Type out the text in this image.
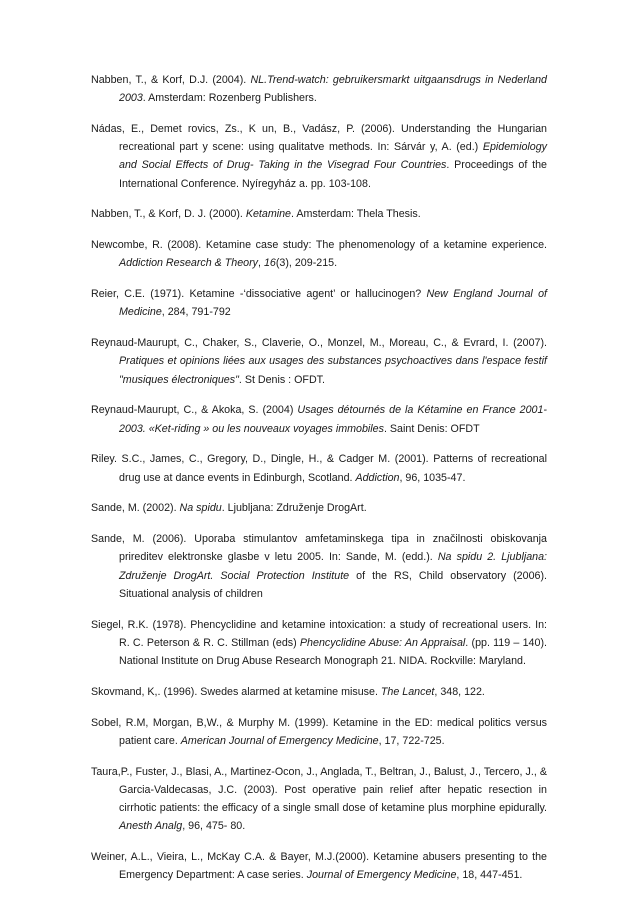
Nabben, T., & Korf, D.J. (2004). NL.Trend-watch: gebruikersmarkt uitgaansdrugs in Nederland 2003. Amsterdam: Rozenberg Publishers.

Nádas, E., Demet rovics, Zs., K un, B., Vadász, P. (2006). Understanding the Hungarian recreational part y scene: using qualitatve methods. In: Sárvár y, A. (ed.) Epidemiology and Social Effects of Drug- Taking in the Visegrad Four Countries. Proceedings of the International Conference. Nyíregyház a. pp. 103-108.

Nabben, T., & Korf, D. J. (2000). Ketamine. Amsterdam: Thela Thesis.

Newcombe, R. (2008). Ketamine case study: The phenomenology of a ketamine experience. Addiction Research & Theory, 16(3), 209-215.

Reier, C.E. (1971). Ketamine -‘dissociative agent’ or hallucinogen? New England Journal of Medicine, 284, 791-792

Reynaud-Maurupt, C., Chaker, S., Claverie, O., Monzel, M., Moreau, C., & Evrard, I. (2007). Pratiques et opinions liées aux usages des substances psychoactives dans l'espace festif "musiques électroniques". St Denis : OFDT.

Reynaud-Maurupt, C., & Akoka, S. (2004) Usages détournés de la Kétamine en France 2001-2003. «Ket-riding » ou les nouveaux voyages immobiles. Saint Denis: OFDT

Riley. S.C., James, C., Gregory, D., Dingle, H., & Cadger M. (2001). Patterns of recreational drug use at dance events in Edinburgh, Scotland. Addiction, 96, 1035-47.

Sande, M. (2002). Na spidu. Ljubljana: Združenje DrogArt.

Sande, M. (2006). Uporaba stimulantov amfetaminskega tipa in značilnosti obiskovanja prireditev elektronske glasbe v letu 2005. In: Sande, M. (edd.). Na spidu 2. Ljubljana: Združenje DrogArt. Social Protection Institute of the RS, Child observatory (2006). Situational analysis of children

Siegel, R.K. (1978). Phencyclidine and ketamine intoxication: a study of recreational users. In: R. C. Peterson & R. C. Stillman (eds) Phencyclidine Abuse: An Appraisal. (pp. 119 – 140). National Institute on Drug Abuse Research Monograph 21. NIDA. Rockville: Maryland.

Skovmand, K,. (1996). Swedes alarmed at ketamine misuse. The Lancet, 348, 122.

Sobel, R.M, Morgan, B,W., & Murphy M. (1999). Ketamine in the ED: medical politics versus patient care. American Journal of Emergency Medicine, 17, 722-725.

Taura,P., Fuster, J., Blasi, A., Martinez-Ocon, J., Anglada, T., Beltran, J., Balust, J., Tercero, J., & Garcia-Valdecasas, J.C. (2003). Post operative pain relief after hepatic resection in cirrhotic patients: the efficacy of a single small dose of ketamine plus morphine epidurally. Anesth Analg, 96, 475- 80.

Weiner, A.L., Vieira, L., McKay C.A. & Bayer, M.J.(2000). Ketamine abusers presenting to the Emergency Department: A case series. Journal of Emergency Medicine, 18, 447-451.
